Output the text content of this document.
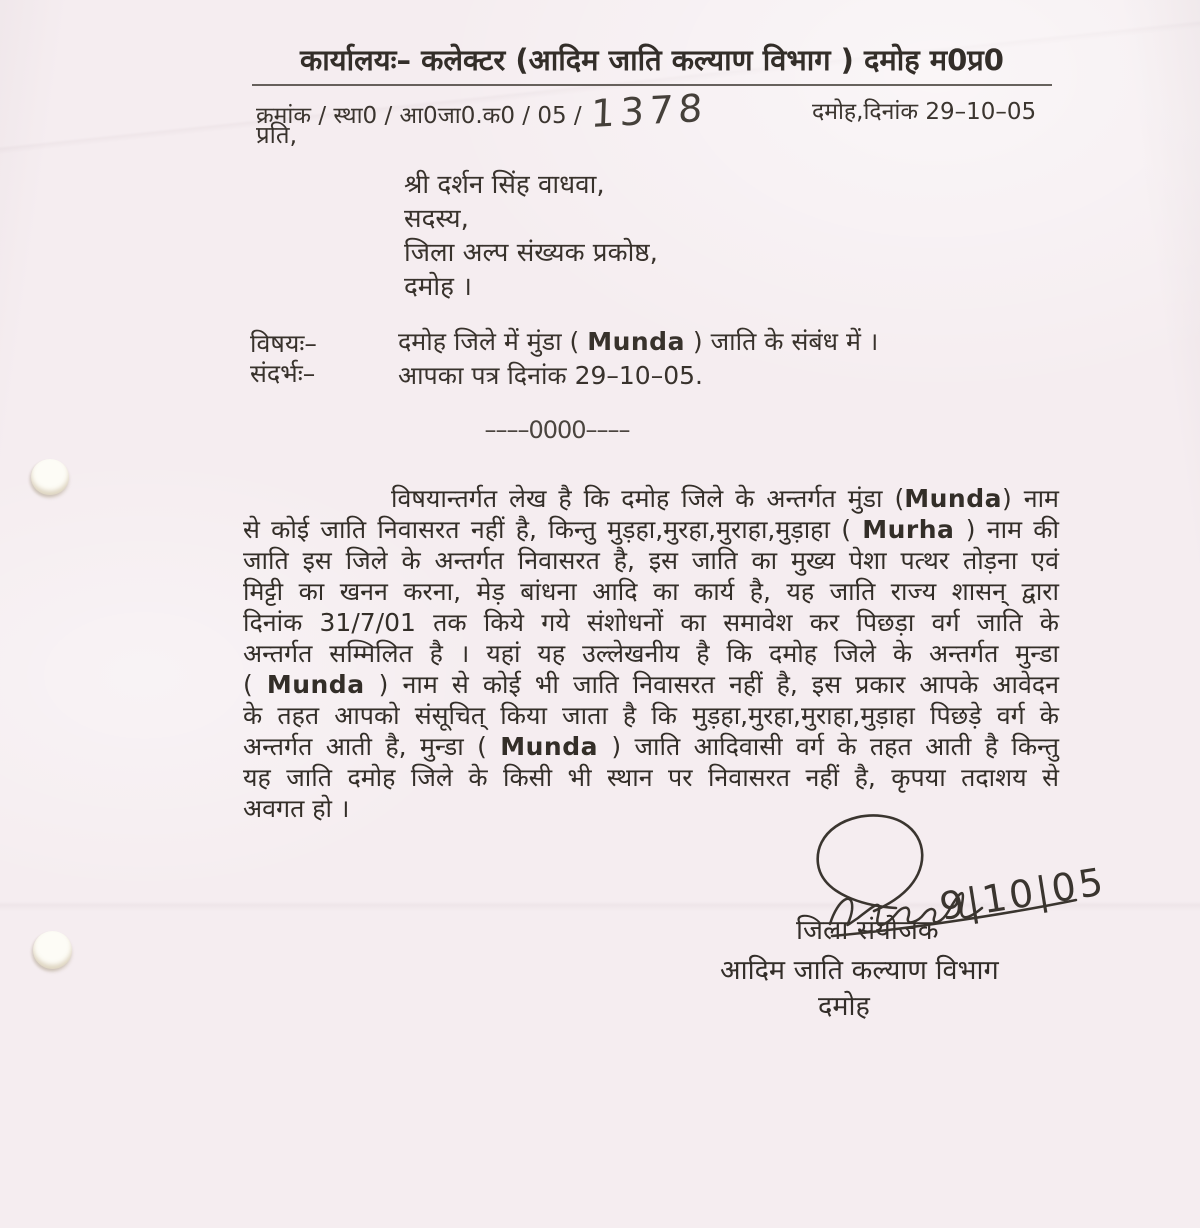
कार्यालयः– कलेक्टर (आदिम जाति कल्याण विभाग ) दमोह म0प्र0
क्रमांक / स्था0 / आ0जा0.क0 / 05 / 1378	दमोह,दिनांक 29–10–05
प्रति,
श्री दर्शन सिंह वाधवा,
सदस्य,
जिला अल्प संख्यक प्रकोष्ठ,
दमोह ।
विषयः–	दमोह जिले में मुंडा ( Munda ) जाति के संबंध में ।
संदर्भः–	आपका पत्र दिनांक 29–10–05.
––––0000––––
विषयान्तर्गत लेख है कि दमोह जिले के अन्तर्गत मुंडा (Munda) नाम
से कोई जाति निवासरत नहीं है, किन्तु मुड़हा,मुरहा,मुराहा,मुड़ाहा ( Murha ) नाम की
जाति इस जिले के अन्तर्गत निवासरत है, इस जाति का मुख्य पेशा पत्थर तोड़ना एवं
मिट्टी का खनन करना, मेड़ बांधना आदि का कार्य है, यह जाति राज्य शासन् द्वारा
दिनांक 31/7/01 तक किये गये संशोधनों का समावेश कर पिछड़ा वर्ग जाति के
अन्तर्गत सम्मिलित है । यहां यह उल्लेखनीय है कि दमोह जिले के अन्तर्गत मुन्डा
( Munda ) नाम से कोई भी जाति निवासरत नहीं है, इस प्रकार आपके आवेदन
के तहत आपको संसूचित् किया जाता है कि मुड़हा,मुरहा,मुराहा,मुड़ाहा पिछड़े वर्ग के
अन्तर्गत आती है, मुन्डा ( Munda ) जाति आदिवासी वर्ग के तहत आती है किन्तु
यह जाति दमोह जिले के किसी भी स्थान पर निवासरत नहीं है, कृपया तदाशय से
अवगत हो ।
9|10|05
जिला संयोजक
आदिम जाति कल्याण विभाग
दमोह
